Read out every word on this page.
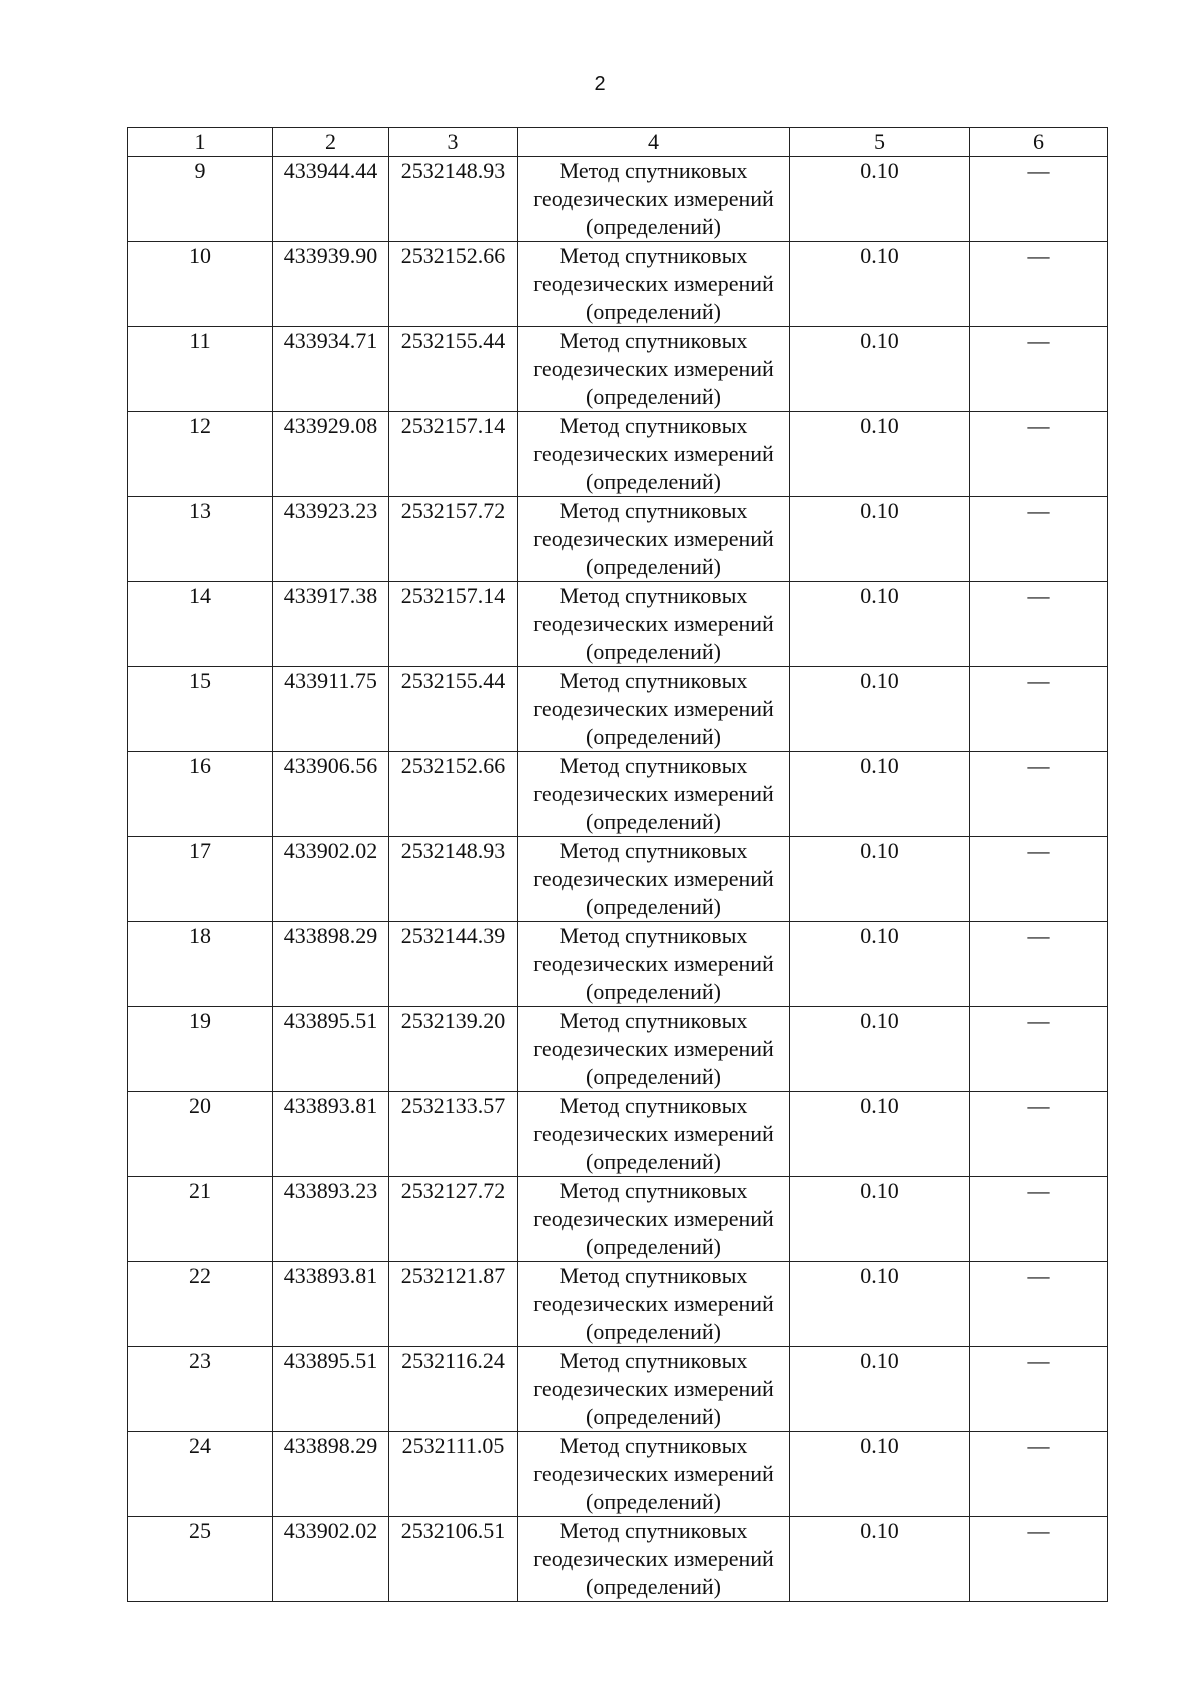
2
1	2	3	4	5	6
9	433944.44	2532148.93	Метод спутниковых
геодезических измерений
(определений)	0.10	—
10	433939.90	2532152.66	Метод спутниковых
геодезических измерений
(определений)	0.10	—
11	433934.71	2532155.44	Метод спутниковых
геодезических измерений
(определений)	0.10	—
12	433929.08	2532157.14	Метод спутниковых
геодезических измерений
(определений)	0.10	—
13	433923.23	2532157.72	Метод спутниковых
геодезических измерений
(определений)	0.10	—
14	433917.38	2532157.14	Метод спутниковых
геодезических измерений
(определений)	0.10	—
15	433911.75	2532155.44	Метод спутниковых
геодезических измерений
(определений)	0.10	—
16	433906.56	2532152.66	Метод спутниковых
геодезических измерений
(определений)	0.10	—
17	433902.02	2532148.93	Метод спутниковых
геодезических измерений
(определений)	0.10	—
18	433898.29	2532144.39	Метод спутниковых
геодезических измерений
(определений)	0.10	—
19	433895.51	2532139.20	Метод спутниковых
геодезических измерений
(определений)	0.10	—
20	433893.81	2532133.57	Метод спутниковых
геодезических измерений
(определений)	0.10	—
21	433893.23	2532127.72	Метод спутниковых
геодезических измерений
(определений)	0.10	—
22	433893.81	2532121.87	Метод спутниковых
геодезических измерений
(определений)	0.10	—
23	433895.51	2532116.24	Метод спутниковых
геодезических измерений
(определений)	0.10	—
24	433898.29	2532111.05	Метод спутниковых
геодезических измерений
(определений)	0.10	—
25	433902.02	2532106.51	Метод спутниковых
геодезических измерений
(определений)	0.10	—
